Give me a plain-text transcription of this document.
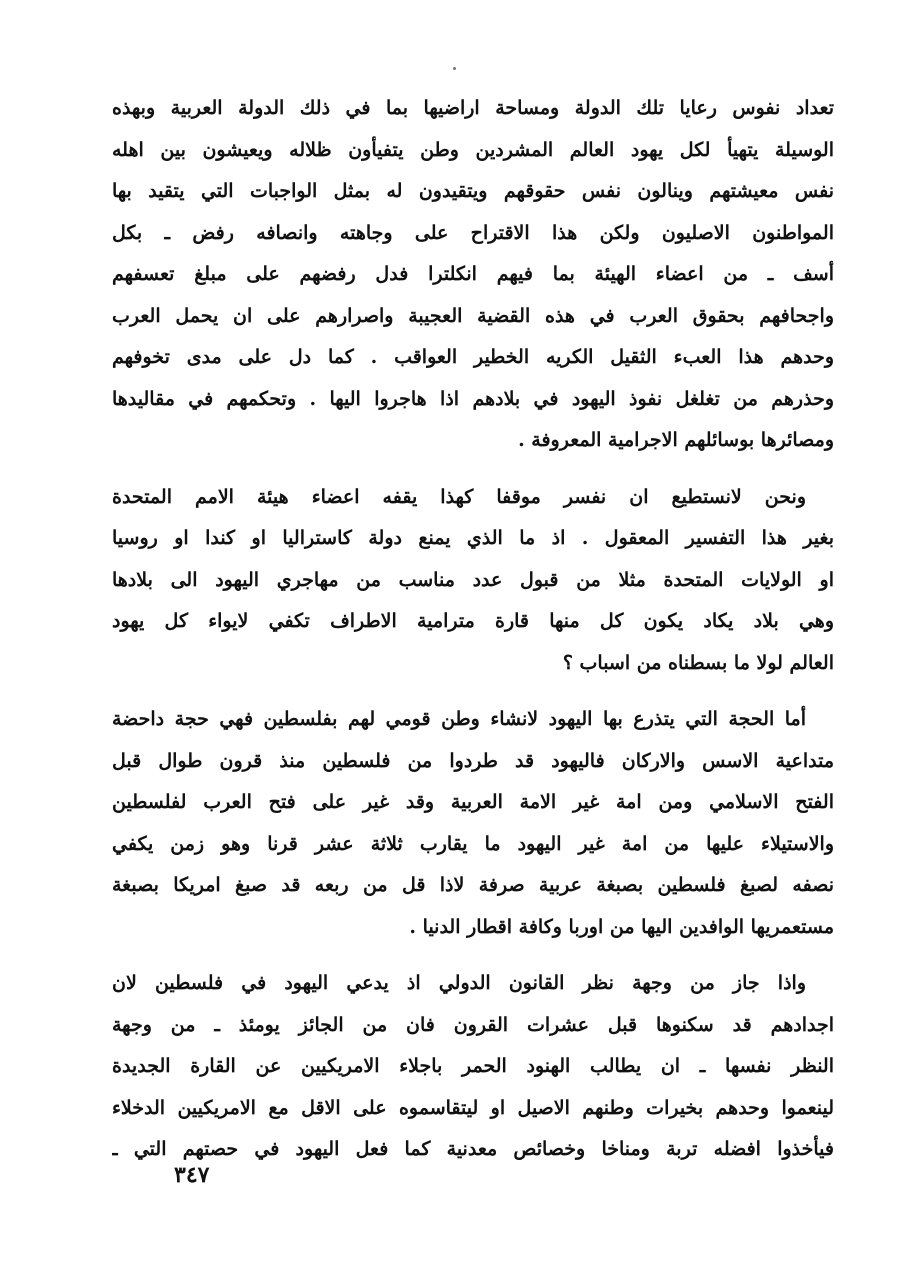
تعداد نفوس رعايا تلك الدولة ومساحة اراضيها بما في ذلك الدولة العربية وبهذه
الوسيلة يتهيأ لكل يهود العالم المشردين وطن يتفيأون ظلاله ويعيشون بين اهله
نفس معيشتهم وينالون نفس حقوقهم ويتقيدون له بمثل الواجبات التي يتقيد بها
المواطنون الاصليون ولكن هذا الاقتراح على وجاهته وانصافه رفض ـ بكل
أسف ـ من اعضاء الهيئة بما فيهم انكلترا فدل رفضهم على مبلغ تعسفهم
واجحافهم بحقوق العرب في هذه القضية العجيبة واصرارهم على ان يحمل العرب
وحدهم هذا العبء الثقيل الكريه الخطير العواقب . كما دل على مدى تخوفهم
وحذرهم من تغلغل نفوذ اليهود في بلادهم اذا هاجروا اليها . وتحكمهم في مقاليدها
ومصائرها بوسائلهم الاجرامية المعروفة .
ونحن لانستطيع ان نفسر موقفا كهذا يقفه اعضاء هيئة الامم المتحدة
بغير هذا التفسير المعقول . اذ ما الذي يمنع دولة كاستراليا او كندا او روسيا
او الولايات المتحدة مثلا من قبول عدد مناسب من مهاجري اليهود الى بلادها
وهي بلاد يكاد يكون كل منها قارة مترامية الاطراف تكفي لايواء كل يهود
العالم لولا ما بسطناه من اسباب ؟
أما الحجة التي يتذرع بها اليهود لانشاء وطن قومي لهم بفلسطين فهي حجة داحضة
متداعية الاسس والاركان فاليهود قد طردوا من فلسطين منذ قرون طوال قبل
الفتح الاسلامي ومن امة غير الامة العربية وقد غير على فتح العرب لفلسطين
والاستيلاء عليها من امة غير اليهود ما يقارب ثلاثة عشر قرنا وهو زمن يكفي
نصفه لصبغ فلسطين بصبغة عربية صرفة لاذا قل من ربعه قد صبغ امريكا بصبغة
مستعمريها الوافدين اليها من اوربا وكافة اقطار الدنيا .
واذا جاز من وجهة نظر القانون الدولي اذ يدعي اليهود في فلسطين لان
اجدادهم قد سكنوها قبل عشرات القرون فان من الجائز يومئذ ـ من وجهة
النظر نفسها ـ ان يطالب الهنود الحمر باجلاء الامريكيين عن القارة الجديدة
لينعموا وحدهم بخيرات وطنهم الاصيل او ليتقاسموه على الاقل مع الامريكيين الدخلاء
فيأخذوا افضله تربة ومناخا وخصائص معدنية كما فعل اليهود في حصتهم التي ـ
٣٤٧
